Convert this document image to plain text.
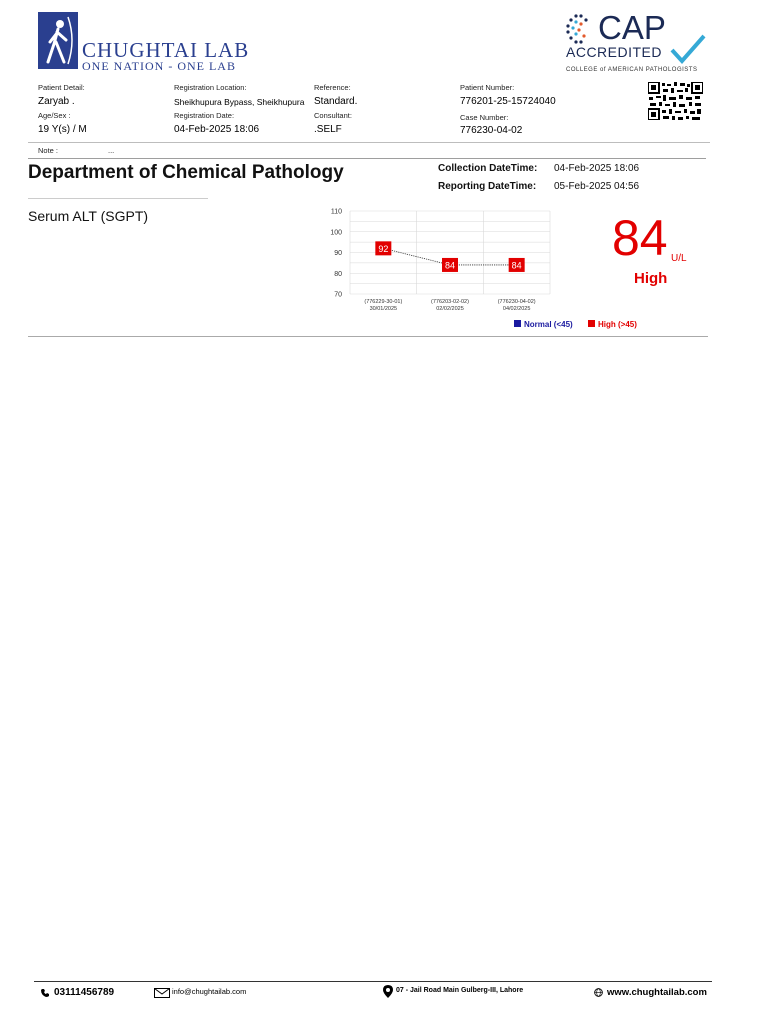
CHUGHTAI LAB
ONE NATION - ONE LAB
CAP
ACCREDITED
COLLEGE of AMERICAN PATHOLOGISTS
Patient Detail:
Zaryab .
Age/Sex :
19 Y(s) / M
Registration Location:
Sheikhupura Bypass, Sheikhupura
Registration Date:
04-Feb-2025 18:06
Reference:
Standard.
Consultant:
.SELF
Patient Number:
776201-25-15724040
Case Number:
776230-04-02
Note :	...
Department of Chemical Pathology	Collection DateTime: 04-Feb-2025 18:06
Reporting DateTime: 05-Feb-2025 04:56
Serum ALT (SGPT)
70
80
90
100
110
(776229-30-01)
30/01/2025
(776203-02-02)
02/02/2025
(776230-04-02)
04/02/2025
92
84	84
Normal (<45)	High (>45)
84 U/L
High
03111456789	info@chughtailab.com	07 - Jail Road Main Gulberg-III, Lahore	www.chughtailab.com
